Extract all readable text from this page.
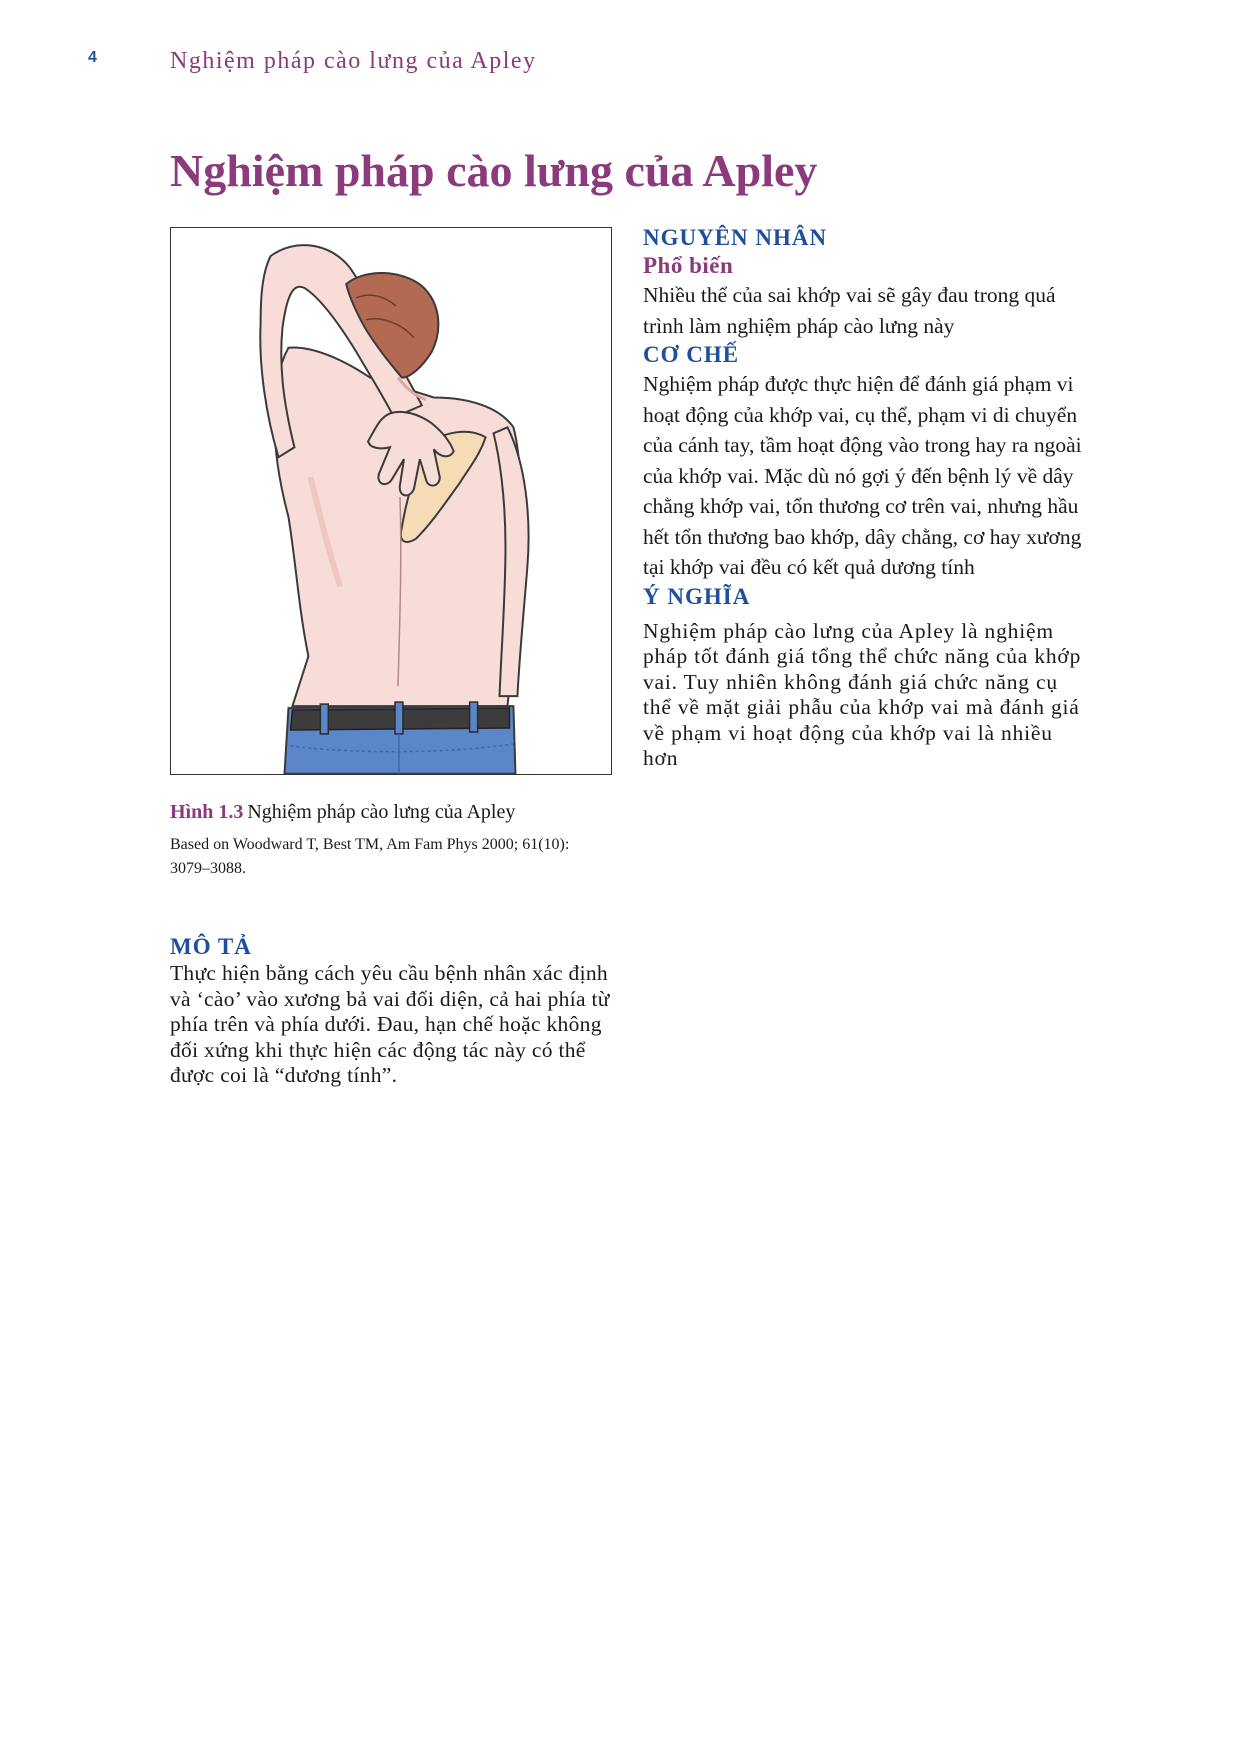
4	Nghiệm pháp cào lưng của Apley
Nghiệm pháp cào lưng của Apley
Hình 1.3 Nghiệm pháp cào lưng của Apley
Based on Woodward T, Best TM, Am Fam Phys 2000; 61(10): 3079–3088.

NGUYÊN NHÂN

Phổ biến

Nhiều thể của sai khớp vai sẽ gây đau trong quá trình làm nghiệm pháp cào lưng này

CƠ CHẾ

Nghiệm pháp được thực hiện để đánh giá phạm vi hoạt động của khớp vai, cụ thể, phạm vi di chuyển của cánh tay, tầm hoạt động vào trong hay ra ngoài của khớp vai. Mặc dù nó gợi ý đến bệnh lý về dây chằng khớp vai, tổn thương cơ trên vai, nhưng hầu hết tổn thương bao khớp, dây chằng, cơ hay xương tại khớp vai đều có kết quả dương tính

Ý NGHĨA

Nghiệm pháp cào lưng của Apley là nghiệm pháp tốt đánh giá tổng thể chức năng của khớp vai. Tuy nhiên không đánh giá chức năng cụ thể về mặt giải phẫu của khớp vai mà đánh giá về phạm vi hoạt động của khớp vai là nhiều hơn

MÔ TẢ

Thực hiện bằng cách yêu cầu bệnh nhân xác định và ‘cào’ vào xương bả vai đối diện, cả hai phía từ phía trên và phía dưới. Đau, hạn chế hoặc không đối xứng khi thực hiện các động tác này có thể được coi là “dương tính”.
